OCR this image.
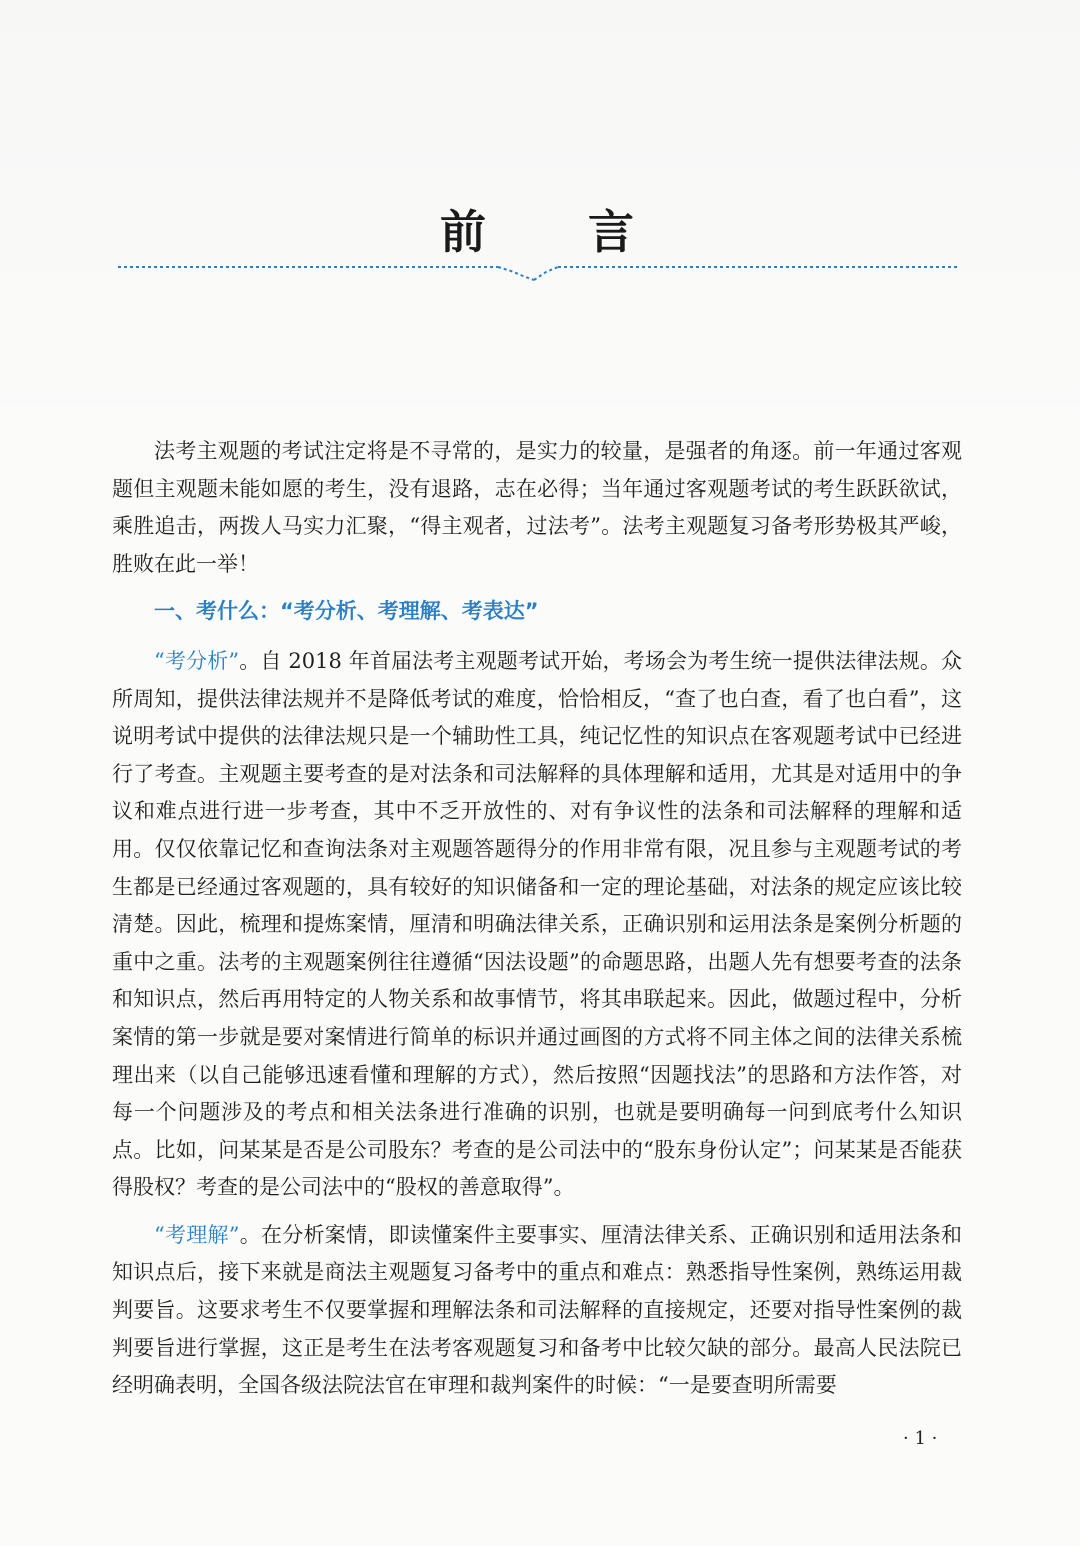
前 言

法考主观题的考试注定将是不寻常的，是实力的较量，是强者的角逐。前一年通过客观题但主观题未能如愿的考生，没有退路，志在必得；当年通过客观题考试的考生跃跃欲试，乘胜追击，两拨人马实力汇聚，“得主观者，过法考”。法考主观题复习备考形势极其严峻，胜败在此一举！

一、考什么：“考分析、考理解、考表达”

“考分析”。自 2018 年首届法考主观题考试开始，考场会为考生统一提供法律法规。众所周知，提供法律法规并不是降低考试的难度，恰恰相反，“查了也白查，看了也白看”，这说明考试中提供的法律法规只是一个辅助性工具，纯记忆性的知识点在客观题考试中已经进行了考查。主观题主要考查的是对法条和司法解释的具体理解和适用，尤其是对适用中的争议和难点进行进一步考查，其中不乏开放性的、对有争议性的法条和司法解释的理解和适用。仅仅依靠记忆和查询法条对主观题答题得分的作用非常有限，况且参与主观题考试的考生都是已经通过客观题的，具有较好的知识储备和一定的理论基础，对法条的规定应该比较清楚。因此，梳理和提炼案情，厘清和明确法律关系，正确识别和运用法条是案例分析题的重中之重。法考的主观题案例往往遵循“因法设题”的命题思路，出题人先有想要考查的法条和知识点，然后再用特定的人物关系和故事情节，将其串联起来。因此，做题过程中，分析案情的第一步就是要对案情进行简单的标识并通过画图的方式将不同主体之间的法律关系梳理出来（以自己能够迅速看懂和理解的方式），然后按照“因题找法”的思路和方法作答，对每一个问题涉及的考点和相关法条进行准确的识别，也就是要明确每一问到底考什么知识点。比如，问某某是否是公司股东？考查的是公司法中的“股东身份认定”；问某某是否能获得股权？考查的是公司法中的“股权的善意取得”。

“考理解”。在分析案情，即读懂案件主要事实、厘清法律关系、正确识别和适用法条和知识点后，接下来就是商法主观题复习备考中的重点和难点：熟悉指导性案例，熟练运用裁判要旨。这要求考生不仅要掌握和理解法条和司法解释的直接规定，还要对指导性案例的裁判要旨进行掌握，这正是考生在法考客观题复习和备考中比较欠缺的部分。最高人民法院已经明确表明，全国各级法院法官在审理和裁判案件的时候：“一是要查明所需要

· 1 ·
